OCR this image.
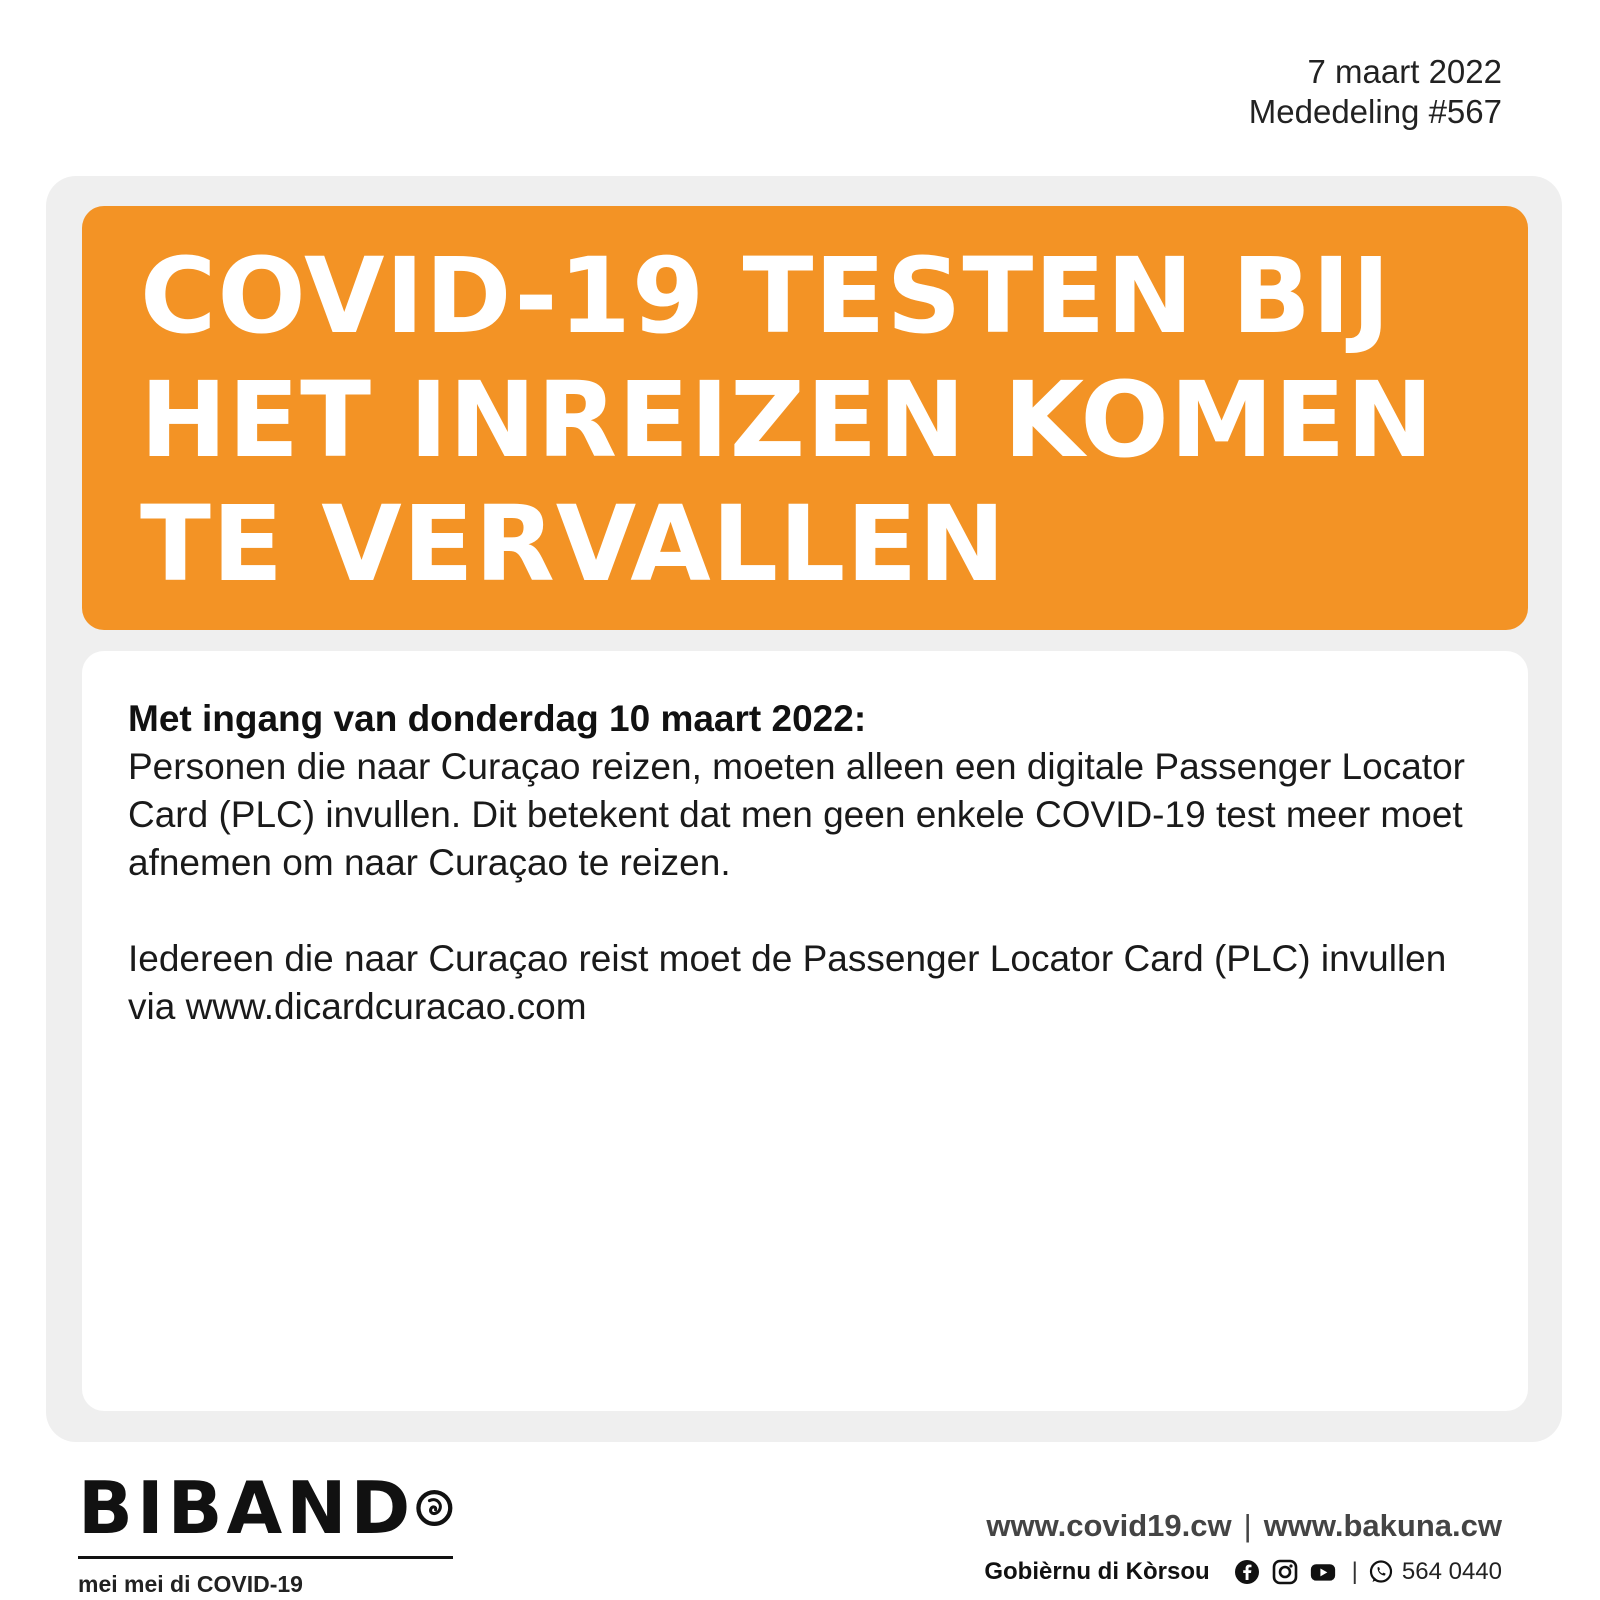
7 maart 2022
Mededeling #567
COVID-19 TESTEN BIJ
HET INREIZEN KOMEN
TE VERVALLEN

Met ingang van donderdag 10 maart 2022:

Personen die naar Curaçao reizen, moeten alleen een digitale Passenger Locator Card (PLC) invullen. Dit betekent dat men geen enkele COVID-19 test meer moet afnemen om naar Curaçao te reizen.

Iedereen die naar Curaçao reist moet de Passenger Locator Card (PLC) invullen via www.dicardcuracao.com

BIBAND
mei mei di COVID-19
www.covid19.cw | www.bakuna.cw
Gobièrnu di Kòrsou	| 564 0440
